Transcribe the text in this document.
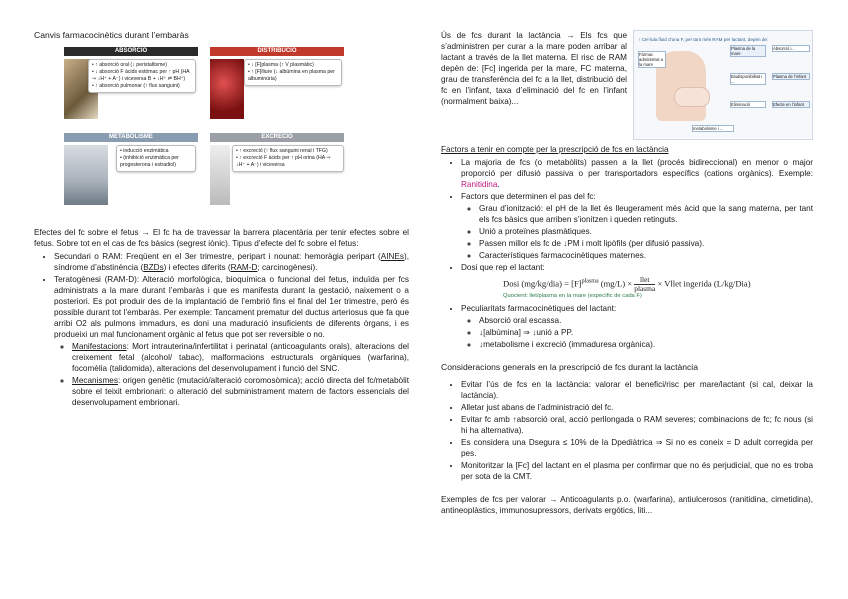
Canvis farmacocinètics durant l’embaràs
ABSORCIÓ
• ↑ absorció oral (↓ peristaltisme)
• ↓ absorció F àcids estómac per ↑ pH (HA ⇒ ↓H⁺ + A⁻) i viceversa B + ↓H⁺ ⇌ BH⁺)
• ↑ absorció pulmonar (↑ flux sanguini)
DISTRIBUCIÓ
• ↓ [F]plasma (↑ V plasmàtic)
• ↑ [F]lliure (↓ albúmina en plasma per albuminúria)
METABOLISME
• inducció enzimàtica
• (inhibició enzimàtica per progesterona i estradiol)
EXCRECIÓ
• ↑ excreció (↑ flux sanguini renal i TFG)
• ↑ excreció F àcids per ↑ pH orina (HA ⇒ ↓H⁺ + A⁻) i viceversa

Efectes del fc sobre el fetus → El fc ha de travessar la barrera placentària per tenir efectes sobre el fetus. Sobre tot en el cas de fcs bàsics (segrest iònic). Tipus d’efecte del fc sobre el fetus:

• Secundari o RAM: Freqüent en el 3er trimestre, peripart i nounat: hemoràgia peripart (AINEs), síndrome d’abstinència (BZDs) i efectes diferits (RAM-D; carcinogènesi).
• Teratogènesi (RAM-D): Alteració morfològica, bioquímica o funcional del fetus, induïda per fcs administrats a la mare durant l’embaràs i que es manifesta durant la gestació, naixement o a posteriori. Es pot produir des de la implantació de l’embrió fins el final del 1er trimestre, però és possible durant tot l’embaràs. Per exemple: Tancament prematur del ductus arteriosus que fa que arribi O2 als pulmons immadurs, es doni una maduració insuficients de diferents òrgans, i es produeixi un mal funcionament orgànic al fetus que pot ser reversible o no.
◦ Manifestacions: Mort intrauterina/infertilitat i perinatal (anticoagulants orals), alteracions del creixement fetal (alcohol/ tabac), malformacions estructurals orgàniques (warfarina), focomèlia (talidomida), alteracions del desenvolupament i funció del SNC.
◦ Mecanismes: origen genètic (mutació/alteració coromosòmica); acció directa del fc/metabòlit sobre el teixit embrionari: o alteració del subministrament matern de factors essencials del desenvolupament embrionari.

Ús de fcs durant la lactància → Els fcs que s’administren per curar a la mare poden arribar al lactant a través de la llet materna. El risc de RAM depèn de: [Fc] ingerida per la mare, FC materna, grau de transferència del fc a la llet, distribució del fc en l’infant, taxa d’eliminació del fc en l’infant (normalment baixa)...

↑ Cel·lula fluid d’una F, per tant més RAM per lactant, depèn de:
Fàrmac administrat a la mare
Plasma de la mare
Absorció i...
Biodisponibilitat i ...
Plasma de l’infant
Eliminació	Efecte en l’infant
metabolisme i ...
Factors a tenir en compte per la prescripció de fcs en lactància
• La majoria de fcs (o metabòlits) passen a la llet (procés bidireccional) en menor o major proporció per difusió passiva o per transportadors específics (cations orgànics). Exemple: Ranitidina.
• Factors que determinen el pas del fc:
◦ Grau d’ionització: el pH de la llet és lleugerament més àcid que la sang materna, per tant els fcs bàsics que arriben s’ionitzen i queden retinguts.
◦ Unió a proteïnes plasmàtiques.
◦ Passen millor els fc de ↓PM i molt lipòfils (per difusió passiva).
◦ Característiques farmacocinètiques maternes.
• Dosi que rep el lactant:
Dosi $(mg/kg/dia) = [F]^{plasma}$ (mg/L) ×	llet
plasma
× Vllet ingerida (L/kg/Dia)
Quocient: llet/plasma en la mare (específic de cada F)
• Peculiaritats farmacocinètiques del lactant:
◦ Absorció oral escassa.
◦ ↓[albúmina] ⇒ ↓unió a PP.
◦ ↓metabolisme i excreció (immaduresa orgànica).
Consideracions generals en la prescripció de fcs durant la lactància
• Evitar l’ús de fcs en la lactància: valorar el benefici/risc per mare/lactant (si cal, deixar la lactància).
• Alletar just abans de l’administració del fc.
• Evitar fc amb ↑absorció oral, acció perllongada o RAM severes; combinacions de fc; fc nous (si hi ha alternativa).
• Es considera una Dsegura ≤ 10% de la Dpediàtrica ⇒ Si no es coneix = D adult corregida per pes.
• Monitoritzar la [Fc] del lactant en el plasma per confirmar que no és perjudicial, que no es troba per sota de la CMT.

Exemples de fcs per valorar → Anticoagulants p.o. (warfarina), antiulcerosos (ranitidina, cimetidina), antineoplàstics, immunosupressors, derivats ergòtics, liti...
